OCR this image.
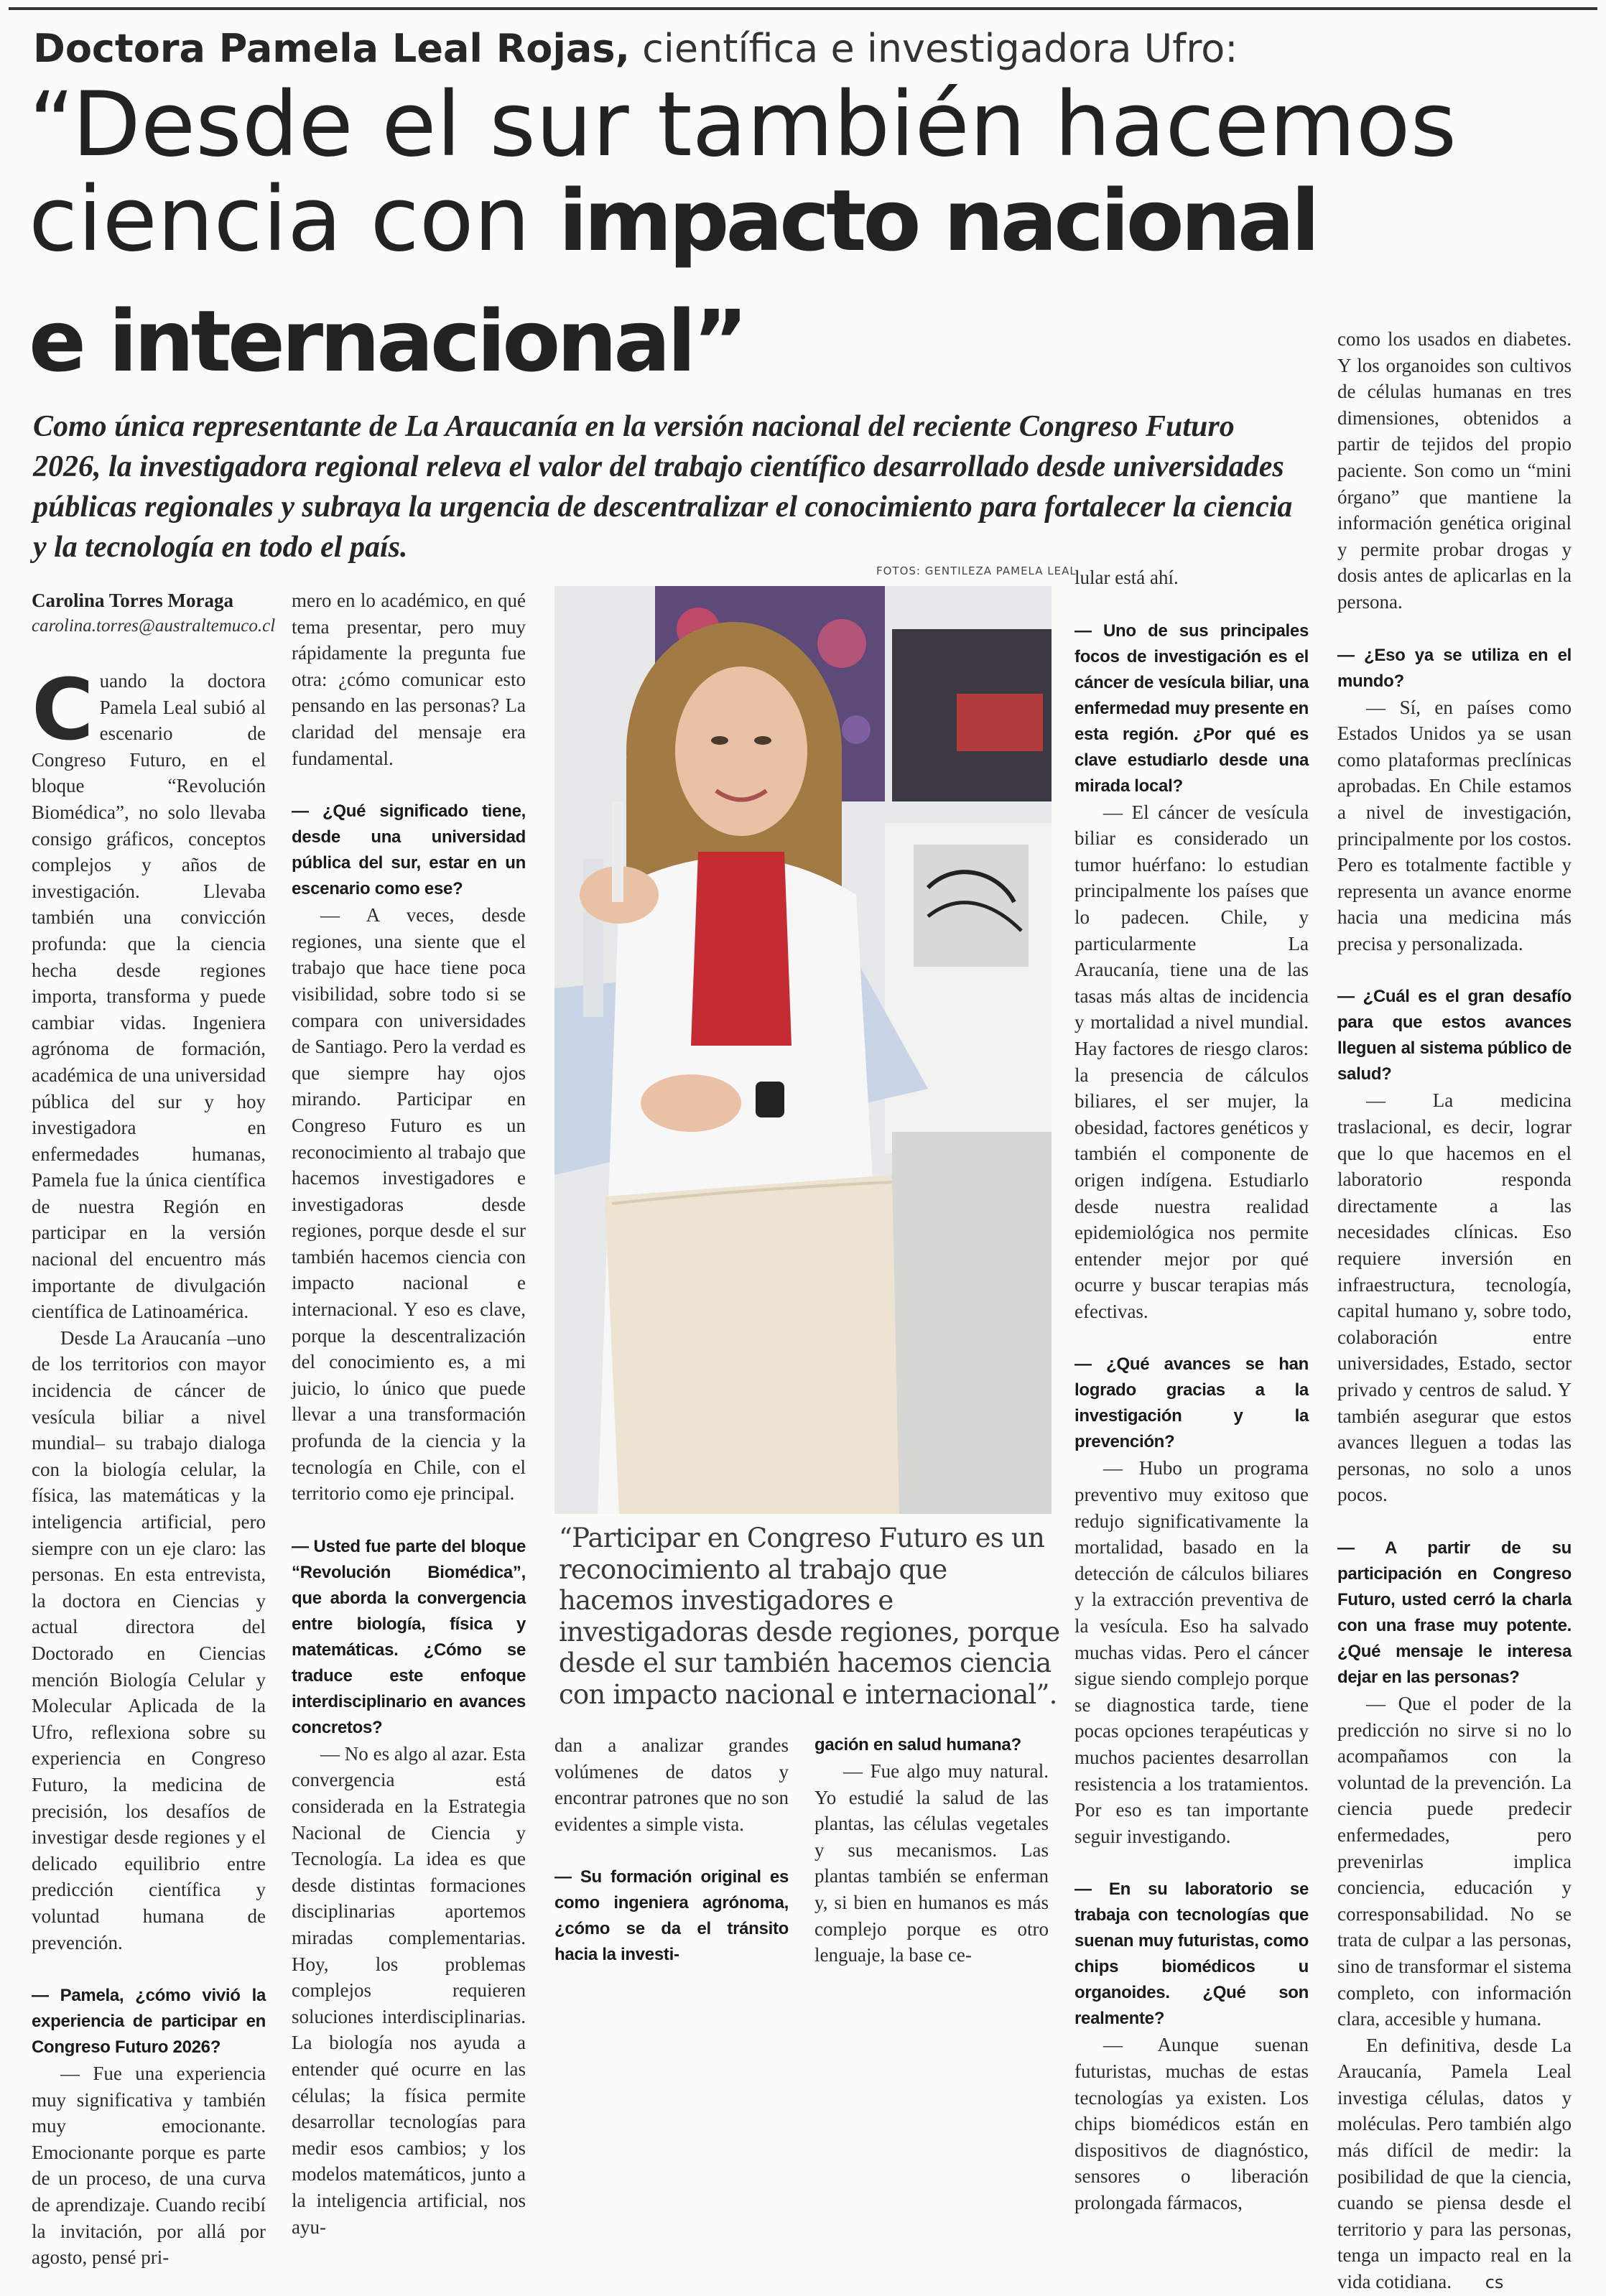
Doctora Pamela Leal Rojas, científica e investigadora Ufro:
“Desde el sur también hacemos
ciencia con impacto nacional
e internacional”
Como única representante de La Araucanía en la versión nacional del reciente Congreso Futuro 2026, la investigadora regional releva el valor del trabajo científico desarrollado desde universidades públicas regionales y subraya la urgencia de descentralizar el conocimiento para fortalecer la ciencia y la tecnología en todo el país.
Carolina Torres Moraga
carolina.torres@australtemuco.cl

Cuando la doctora Pamela Leal subió al escenario de Congreso Futuro, en el bloque “Revolución Biomédica”, no solo llevaba consigo gráficos, conceptos complejos y años de investigación. Llevaba también una convicción profunda: que la ciencia hecha desde regiones importa, transforma y puede cambiar vidas. Ingeniera agrónoma de formación, académica de una universidad pública del sur y hoy investigadora en enfermedades humanas, Pamela fue la única científica de nuestra Región en participar en la versión nacional del encuentro más importante de divulgación científica de Latinoamérica.

Desde La Araucanía –uno de los territorios con mayor incidencia de cáncer de vesícula biliar a nivel mundial– su trabajo dialoga con la biología celular, la física, las matemáticas y la inteligencia artificial, pero siempre con un eje claro: las personas. En esta entrevista, la doctora en Ciencias y actual directora del Doctorado en Ciencias mención Biología Celular y Molecular Aplicada de la Ufro, reflexiona sobre su experiencia en Congreso Futuro, la medicina de precisión, los desafíos de investigar desde regiones y el delicado equilibrio entre predicción científica y voluntad humana de prevención.

— Pamela, ¿cómo vivió la experiencia de participar en Congreso Futuro 2026?

— Fue una experiencia muy significativa y también muy emocionante. Emocionante porque es parte de un proceso, de una curva de aprendizaje. Cuando recibí la invitación, por allá por agosto, pensé pri-

mero en lo académico, en qué tema presentar, pero muy rápidamente la pregunta fue otra: ¿cómo comunicar esto pensando en las personas? La claridad del mensaje era fundamental.

— ¿Qué significado tiene, desde una universidad pública del sur, estar en un escenario como ese?

— A veces, desde regiones, una siente que el trabajo que hace tiene poca visibilidad, sobre todo si se compara con universidades de Santiago. Pero la verdad es que siempre hay ojos mirando. Participar en Congreso Futuro es un reconocimiento al trabajo que hacemos investigadores e investigadoras desde regiones, porque desde el sur también hacemos ciencia con impacto nacional e internacional. Y eso es clave, porque la descentralización del conocimiento es, a mi juicio, lo único que puede llevar a una transformación profunda de la ciencia y la tecnología en Chile, con el territorio como eje principal.

— Usted fue parte del bloque “Revolución Biomédica”, que aborda la convergencia entre biología, física y matemáticas. ¿Cómo se traduce este enfoque interdisciplinario en avances concretos?

— No es algo al azar. Esta convergencia está considerada en la Estrategia Nacional de Ciencia y Tecnología. La idea es que desde distintas formaciones disciplinarias aportemos miradas complementarias. Hoy, los problemas complejos requieren soluciones interdisciplinarias. La biología nos ayuda a entender qué ocurre en las células; la física permite desarrollar tecnologías para medir esos cambios; y los modelos matemáticos, junto a la inteligencia artificial, nos ayu-

FOTOS: GENTILEZA PAMELA LEAL
“Participar en Congreso Futuro es un reconocimiento al trabajo que hacemos investigadores e investigadoras desde regiones, porque desde el sur también hacemos ciencia con impacto nacional e internacional”.

dan a analizar grandes volúmenes de datos y encontrar patrones que no son evidentes a simple vista.

— Su formación original es como ingeniera agrónoma, ¿cómo se da el tránsito hacia la investi-

gación en salud humana?

— Fue algo muy natural. Yo estudié la salud de las plantas, las células vegetales y sus mecanismos. Las plantas también se enferman y, si bien en humanos es más complejo porque es otro lenguaje, la base ce-

lular está ahí.

— Uno de sus principales focos de investigación es el cáncer de vesícula biliar, una enfermedad muy presente en esta región. ¿Por qué es clave estudiarlo desde una mirada local?

— El cáncer de vesícula biliar es considerado un tumor huérfano: lo estudian principalmente los países que lo padecen. Chile, y particularmente La Araucanía, tiene una de las tasas más altas de incidencia y mortalidad a nivel mundial. Hay factores de riesgo claros: la presencia de cálculos biliares, el ser mujer, la obesidad, factores genéticos y también el componente de origen indígena. Estudiarlo desde nuestra realidad epidemiológica nos permite entender mejor por qué ocurre y buscar terapias más efectivas.

— ¿Qué avances se han logrado gracias a la investigación y la prevención?

— Hubo un programa preventivo muy exitoso que redujo significativamente la mortalidad, basado en la detección de cálculos biliares y la extracción preventiva de la vesícula. Eso ha salvado muchas vidas. Pero el cáncer sigue siendo complejo porque se diagnostica tarde, tiene pocas opciones terapéuticas y muchos pacientes desarrollan resistencia a los tratamientos. Por eso es tan importante seguir investigando.

— En su laboratorio se trabaja con tecnologías que suenan muy futuristas, como chips biomédicos u organoides. ¿Qué son realmente?

— Aunque suenan futuristas, muchas de estas tecnologías ya existen. Los chips biomédicos están en dispositivos de diagnóstico, sensores o liberación prolongada fármacos,

como los usados en diabetes. Y los organoides son cultivos de células humanas en tres dimensiones, obtenidos a partir de tejidos del propio paciente. Son como un “mini órgano” que mantiene la información genética original y permite probar drogas y dosis antes de aplicarlas en la persona.

— ¿Eso ya se utiliza en el mundo?

— Sí, en países como Estados Unidos ya se usan como plataformas preclínicas aprobadas. En Chile estamos a nivel de investigación, principalmente por los costos. Pero es totalmente factible y representa un avance enorme hacia una medicina más precisa y personalizada.

— ¿Cuál es el gran desafío para que estos avances lleguen al sistema público de salud?

— La medicina traslacional, es decir, lograr que lo que hacemos en el laboratorio responda directamente a las necesidades clínicas. Eso requiere inversión en infraestructura, tecnología, capital humano y, sobre todo, colaboración entre universidades, Estado, sector privado y centros de salud. Y también asegurar que estos avances lleguen a todas las personas, no solo a unos pocos.

— A partir de su participación en Congreso Futuro, usted cerró la charla con una frase muy potente. ¿Qué mensaje le interesa dejar en las personas?

— Que el poder de la predicción no sirve si no lo acompañamos con la voluntad de la prevención. La ciencia puede predecir enfermedades, pero prevenirlas implica conciencia, educación y corresponsabilidad. No se trata de culpar a las personas, sino de transformar el sistema completo, con información clara, accesible y humana.

En definitiva, desde La Araucanía, Pamela Leal investiga células, datos y moléculas. Pero también algo más difícil de medir: la posibilidad de que la ciencia, cuando se piensa desde el territorio y para las personas, tenga un impacto real en la vida cotidiana. cs
